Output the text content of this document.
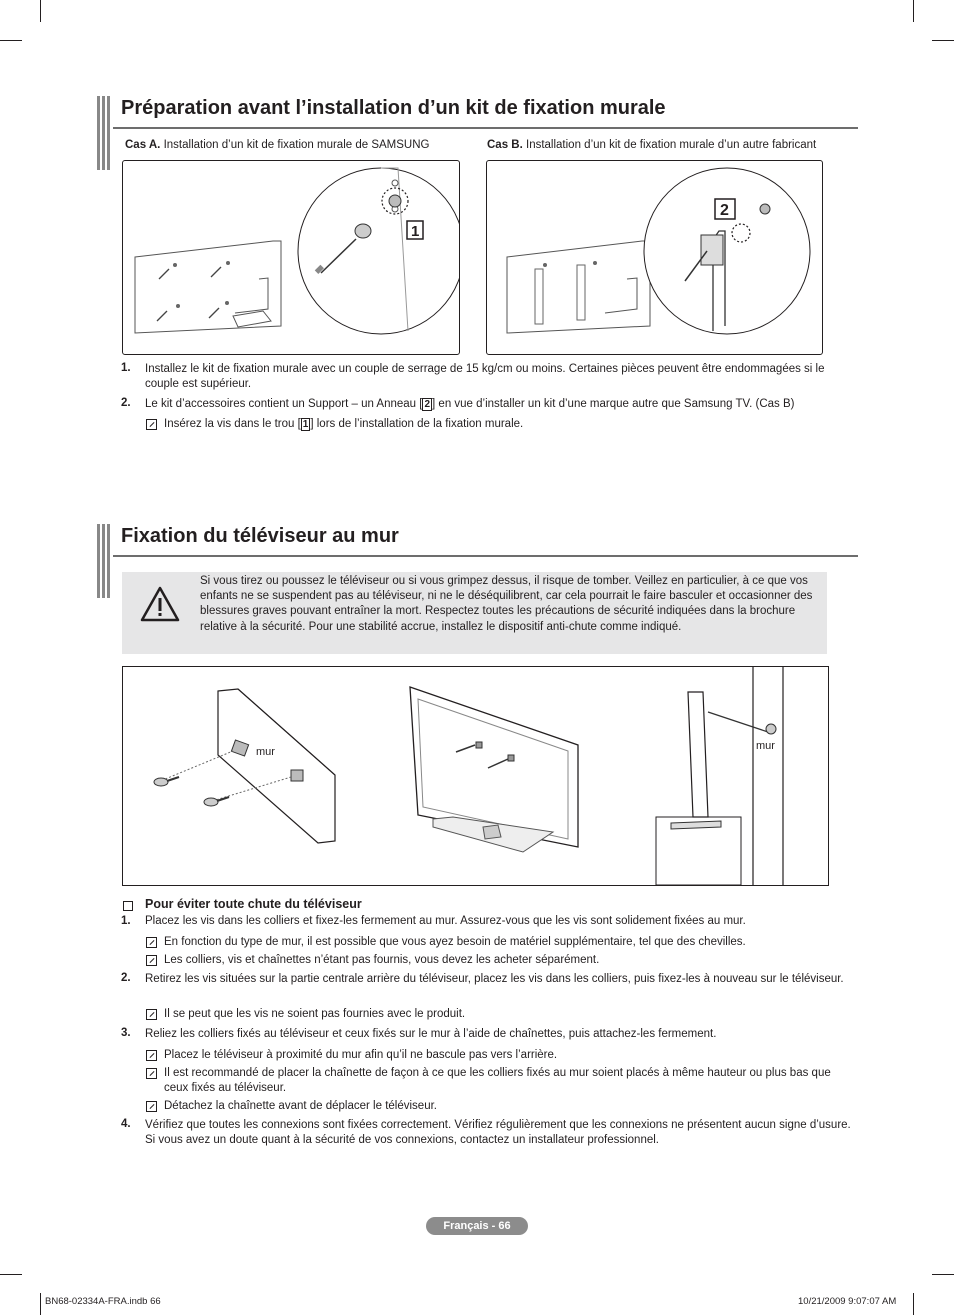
Préparation avant l’installation d’un kit de fixation murale
Cas A. Installation d’un kit de fixation murale de SAMSUNG	Cas B. Installation d’un kit de fixation murale d’un autre fabricant
1
2
1. Installez le kit de fixation murale avec un couple de serrage de 15 kg/cm ou moins. Certaines pièces peuvent être endommagées si le couple est supérieur.
2. Le kit d’accessoires contient un Support – un Anneau [ 2 ] en vue d’installer un kit d’une marque autre que Samsung TV. (Cas B)
Insérez la vis dans le trou [ 1 ] lors de l’installation de la fixation murale.
Fixation du téléviseur au mur
Si vous tirez ou poussez le téléviseur ou si vous grimpez dessus, il risque de tomber. Veillez en particulier, à ce que vos enfants ne se suspendent pas au téléviseur, ni ne le déséquilibrent, car cela pourrait le faire basculer et occasionner des blessures graves pouvant entraîner la mort. Respectez toutes les précautions de sécurité indiquées dans la brochure relative à la sécurité. Pour une stabilité accrue, installez le dispositif anti-chute comme indiqué.
mur	mur
Pour éviter toute chute du téléviseur
1. Placez les vis dans les colliers et fixez-les fermement au mur. Assurez-vous que les vis sont solidement fixées au mur.
En fonction du type de mur, il est possible que vous ayez besoin de matériel supplémentaire, tel que des chevilles.
Les colliers, vis et chaînettes n’étant pas fournis, vous devez les acheter séparément.
2. Retirez les vis situées sur la partie centrale arrière du téléviseur, placez les vis dans les colliers, puis fixez-les à nouveau sur le téléviseur.
Il se peut que les vis ne soient pas fournies avec le produit.
3. Reliez les colliers fixés au téléviseur et ceux fixés sur le mur à l’aide de chaînettes, puis attachez-les fermement.
Placez le téléviseur à proximité du mur afin qu’il ne bascule pas vers l’arrière.
Il est recommandé de placer la chaînette de façon à ce que les colliers fixés au mur soient placés à même hauteur ou plus bas que ceux fixés au téléviseur.
Détachez la chaînette avant de déplacer le téléviseur.
4. Vérifiez que toutes les connexions sont fixées correctement. Vérifiez régulièrement que les connexions ne présentent aucun signe d’usure. Si vous avez un doute quant à la sécurité de vos connexions, contactez un installateur professionnel.
Français - 66
BN68-02334A-FRA.indb 66	10/21/2009 9:07:07 AM
